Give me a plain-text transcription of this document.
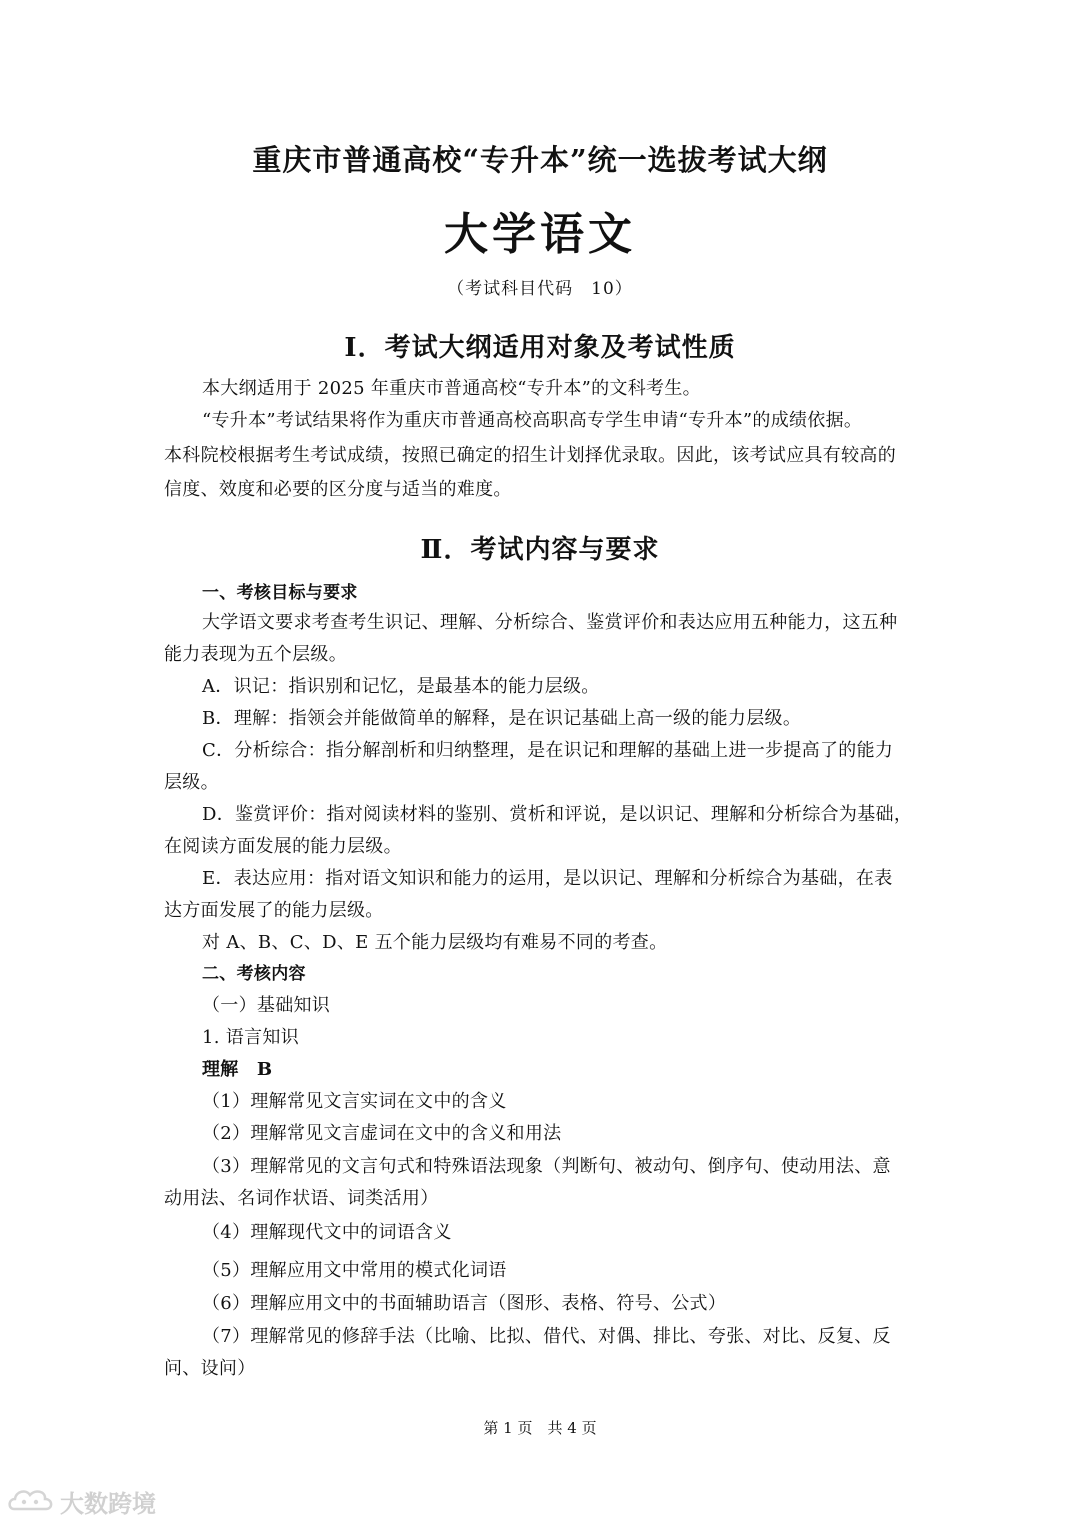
重庆市普通高校“专升本”统一选拔考试大纲
大学语文
（考试科目代码　10）
Ⅰ．考试大纲适用对象及考试性质
本大纲适用于 2025 年重庆市普通高校“专升本”的文科考生。
“专升本”考试结果将作为重庆市普通高校高职高专学生申请“专升本”的成绩依据。
本科院校根据考生考试成绩，按照已确定的招生计划择优录取。因此，该考试应具有较高的
信度、效度和必要的区分度与适当的难度。
Ⅱ．考试内容与要求
一、考核目标与要求
大学语文要求考查考生识记、理解、分析综合、鉴赏评价和表达应用五种能力，这五种
能力表现为五个层级。
A．识记：指识别和记忆，是最基本的能力层级。
B．理解：指领会并能做简单的解释，是在识记基础上高一级的能力层级。
C．分析综合：指分解剖析和归纳整理，是在识记和理解的基础上进一步提高了的能力
层级。
D．鉴赏评价：指对阅读材料的鉴别、赏析和评说，是以识记、理解和分析综合为基础，
在阅读方面发展的能力层级。
E．表达应用：指对语文知识和能力的运用，是以识记、理解和分析综合为基础，在表
达方面发展了的能力层级。
对 A、B、C、D、E 五个能力层级均有难易不同的考查。
二、考核内容
（一）基础知识
1. 语言知识
理解　B
（1）理解常见文言实词在文中的含义
（2）理解常见文言虚词在文中的含义和用法
（3）理解常见的文言句式和特殊语法现象（判断句、被动句、倒序句、使动用法、意
动用法、名词作状语、词类活用）
（4）理解现代文中的词语含义
（5）理解应用文中常用的模式化词语
（6）理解应用文中的书面辅助语言（图形、表格、符号、公式）
（7）理解常见的修辞手法（比喻、比拟、借代、对偶、排比、夸张、对比、反复、反
问、设问）
第 1 页　共 4 页
大数跨境
